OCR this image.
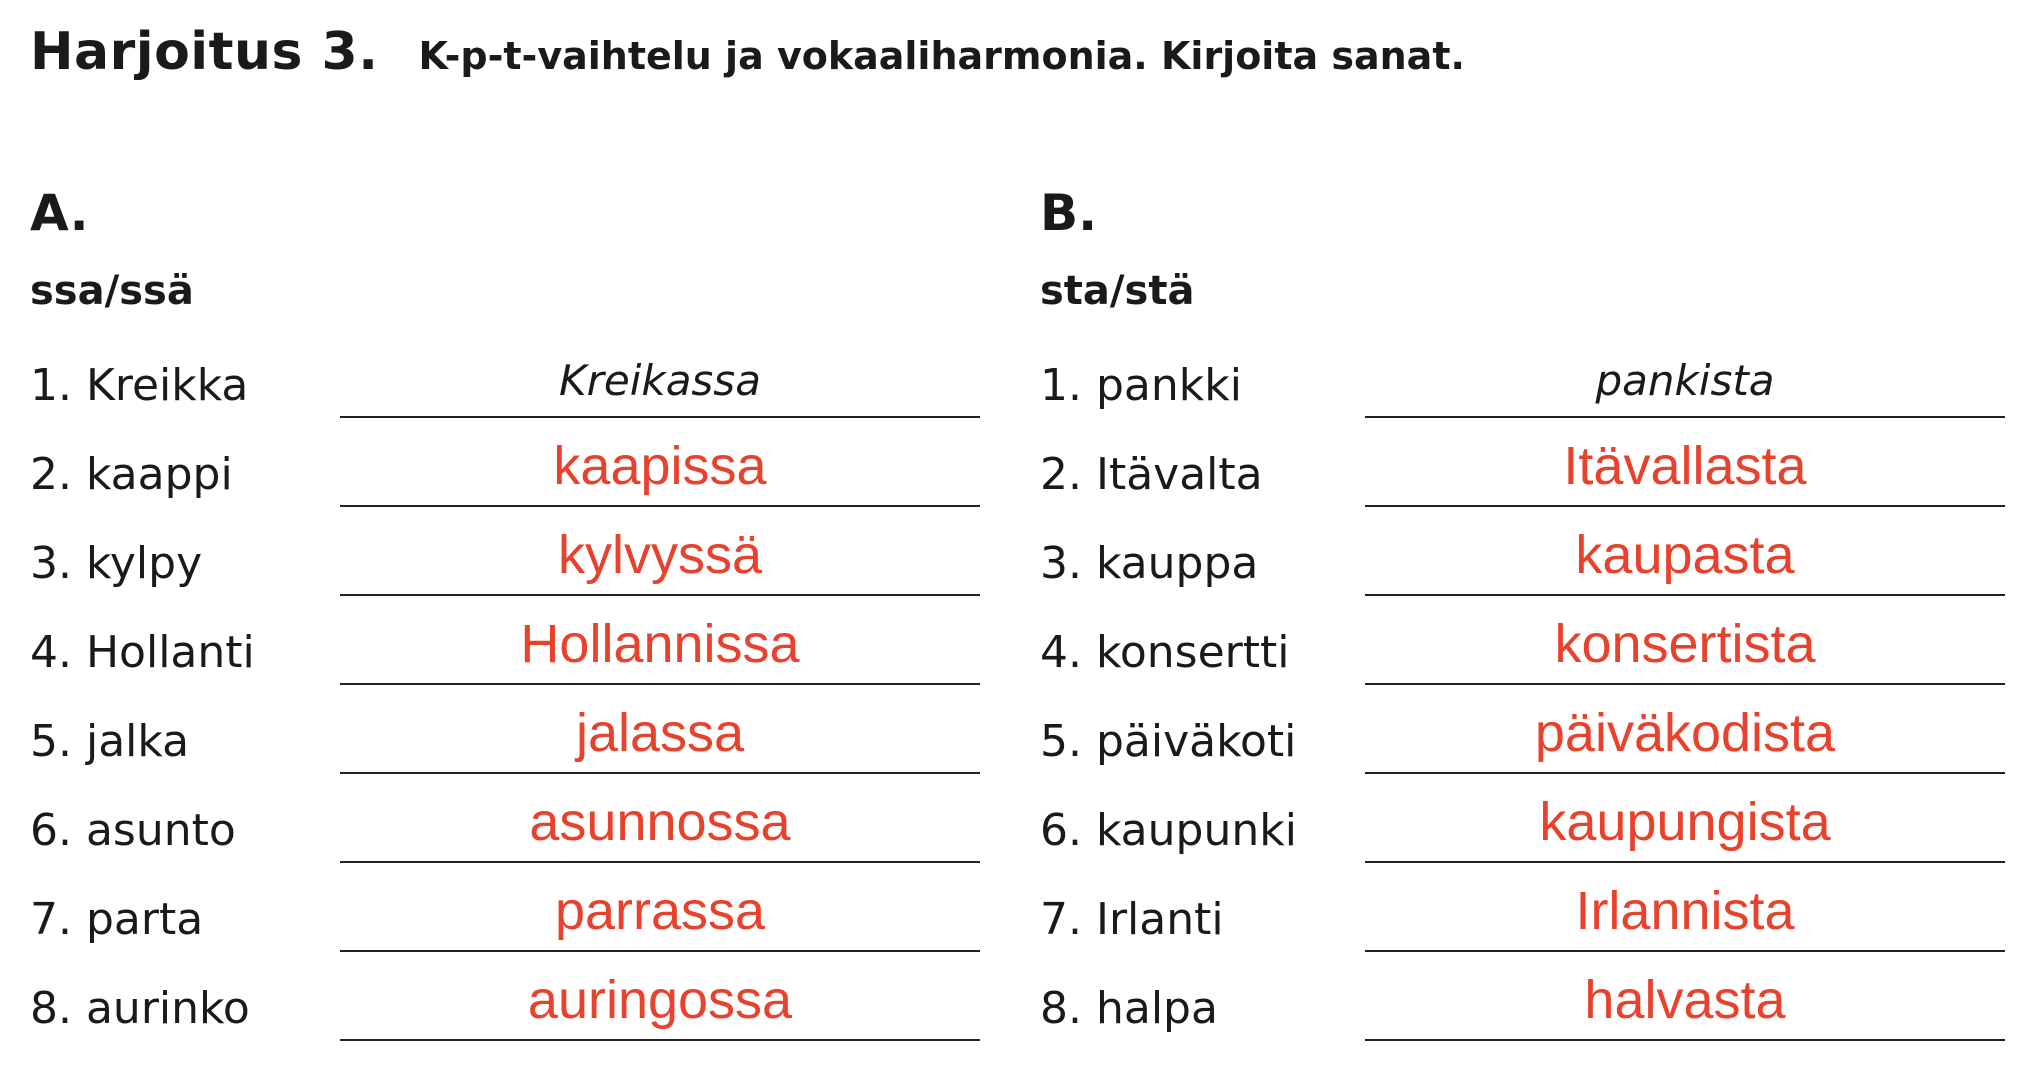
Harjoitus 3. K-p-t-vaihtelu ja vokaaliharmonia. Kirjoita sanat.
A.
ssa/ssä
1. Kreikka	Kreikassa
2. kaappi	kaapissa
3. kylpy	kylvyssä
4. Hollanti	Hollannissa
5. jalka	jalassa
6. asunto	asunnossa
7. parta	parrassa
8. aurinko	auringossa
B.
sta/stä
1. pankki	pankista
2. Itävalta	Itävallasta
3. kauppa	kaupasta
4. konsertti	konsertista
5. päiväkoti	päiväkodista
6. kaupunki	kaupungista
7. Irlanti	Irlannista
8. halpa	halvasta
